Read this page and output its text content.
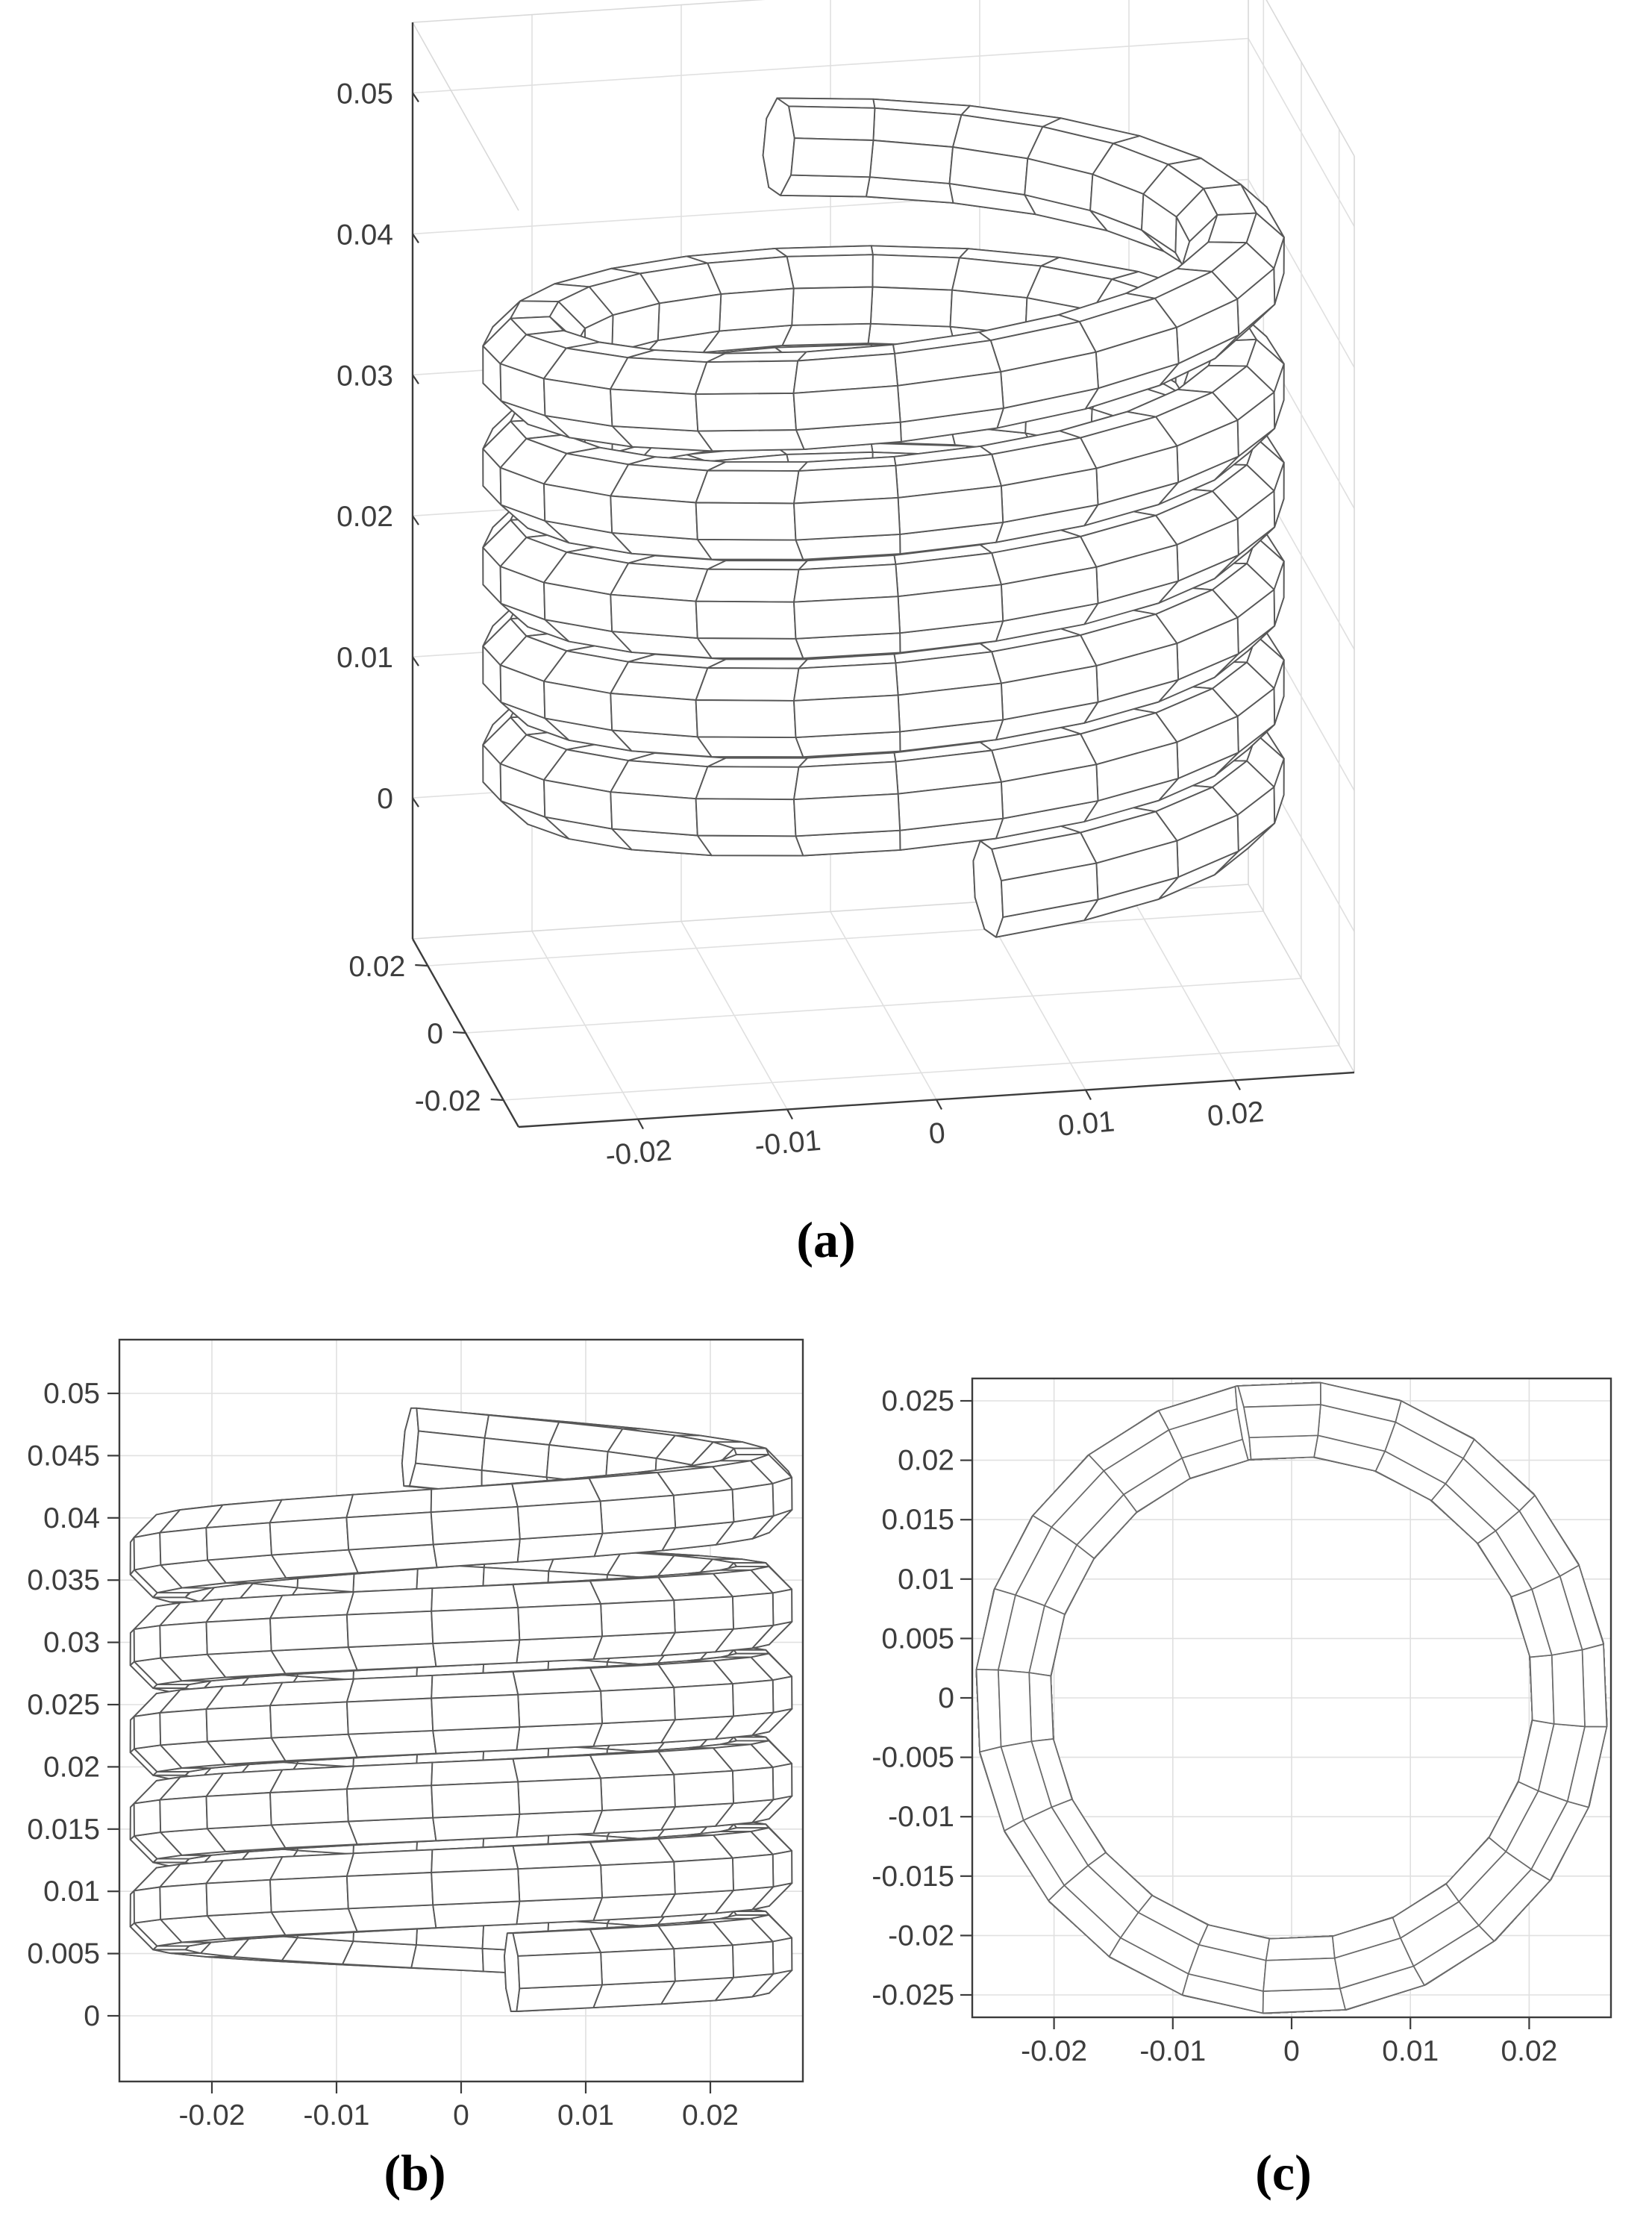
0.05
0.04
0.03
0.02
0.01
0
0.02
0
-0.02
-0.02	-0.01	0	0.01	0.02
-0.02 -0.01	0	0.01 0.02
0.05
0.045
0.04
0.035
0.03
0.025
0.02
0.015
0.01
0.005
0
-0.02 -0.01	0	0.01 0.02
0.025
0.02
0.015
0.01
0.005
0
-0.005
-0.01
-0.015
-0.02
-0.025
(a)
(b)	(c)
